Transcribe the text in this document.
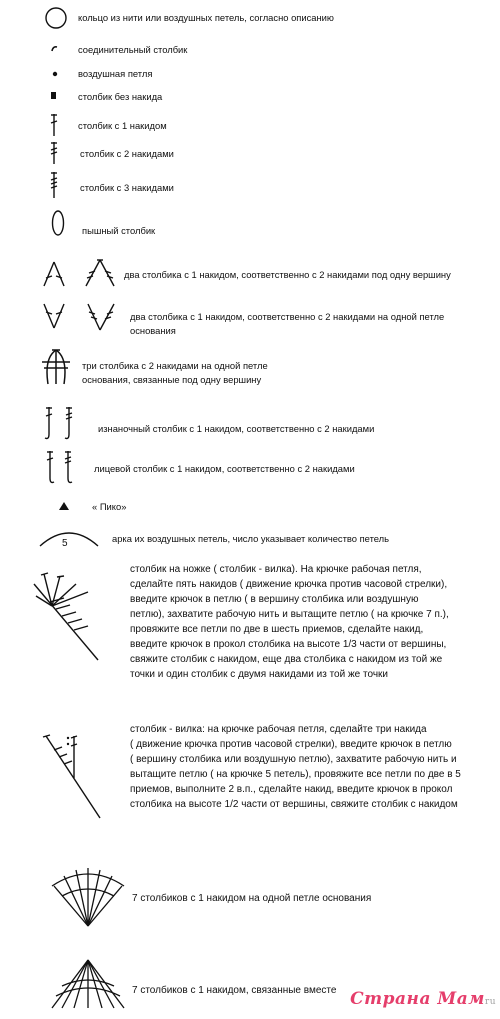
кольцо из нити или воздушных петель, согласно описанию
соединительный столбик
воздушная петля
столбик без накида
столбик с 1 накидом
столбик с 2 накидами
столбик с 3 накидами
пышный столбик
два столбика с 1 накидом, соответственно с 2 накидами под одну вершину
два столбика с 1 накидом, соответственно с 2 накидами на одной петле
основания
три столбика с 2 накидами на одной петле
основания, связанные под одну вершину
изнаночный столбик с 1 накидом, соответственно с 2 накидами
лицевой столбик с 1 накидом, соответственно с 2 накидами
« Пико»
5	арка их воздушных петель, число указывает количество петель
столбик на ножке ( столбик - вилка). На крючке рабочая петля,
сделайте пять накидов ( движение крючка против часовой стрелки),
введите крючок в петлю ( в вершину столбика или воздушную
петлю), захватите рабочую нить и вытащите петлю ( на крючке 7 п.),
провяжите все петли по две в шесть приемов, сделайте накид,
введите крючок в прокол столбика на высоте 1/3 части от вершины,
свяжите столбик с накидом, еще два столбика с накидом из той же
точки и один столбик с двумя накидами из той же точки
столбик - вилка: на крючке рабочая петля, сделайте три накида
( движение крючка против часовой стрелки), введите крючок в петлю
( вершину столбика или воздушную петлю), захватите рабочую нить и
вытащите петлю ( на крючке 5 петель), провяжите все петли по две в 5
приемов, выполните 2 в.п., сделайте накид, введите крючок в прокол
столбика на высоте 1/2 части от вершины, свяжите столбик с накидом
7 столбиков с 1 накидом на одной петле основания
7 столбиков с 1 накидом, связанные вместе Страна Мамru
